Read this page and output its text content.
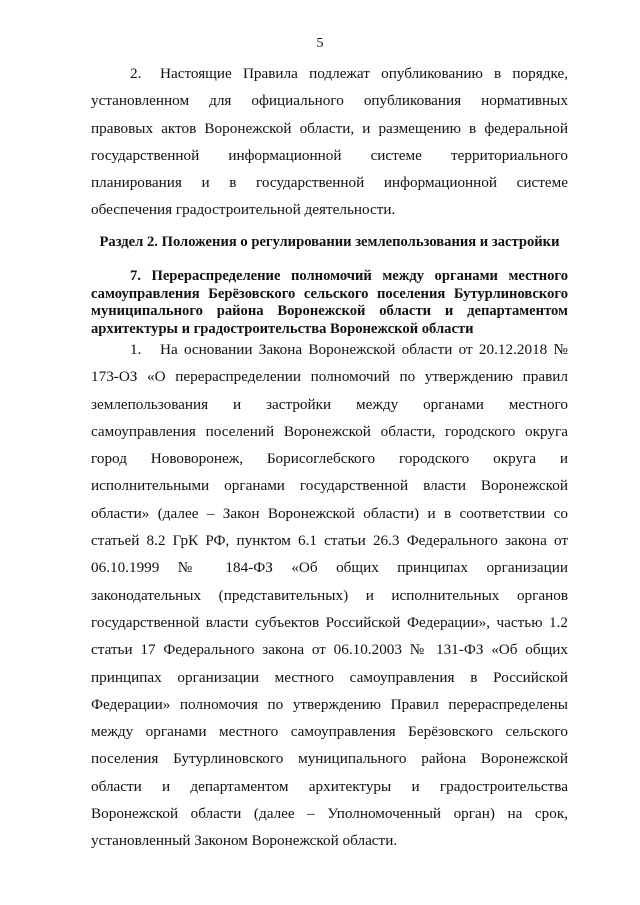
5

2. Настоящие Правила подлежат опубликованию в порядке, установленном для официального опубликования нормативных правовых актов Воронежской области, и размещению в федеральной государственной информационной системе территориального планирования и в государственной информационной системе обеспечения градостроительной деятельности.

Раздел 2. Положения о регулировании землепользования и застройки
7. Перераспределение полномочий между органами местного самоуправления Берёзовского сельского поселения Бутурлиновского муниципального района Воронежской области и департаментом архитектуры и градостроительства Воронежской области

1. На основании Закона Воронежской области от 20.12.2018 № 173-ОЗ «О перераспределении полномочий по утверждению правил землепользования и застройки между органами местного самоуправления поселений Воронежской области, городского округа город Нововоронеж, Борисоглебского городского округа и исполнительными органами государственной власти Воронежской области» (далее – Закон Воронежской области) и в соответствии со статьей 8.2 ГрК РФ, пунктом 6.1 статьи 26.3 Федерального закона от 06.10.1999 № 184-ФЗ «Об общих принципах организации законодательных (представительных) и исполнительных органов государственной власти субъектов Российской Федерации», частью 1.2 статьи 17 Федерального закона от 06.10.2003 № 131-ФЗ «Об общих принципах организации местного самоуправления в Российской Федерации» полномочия по утверждению Правил перераспределены между органами местного самоуправления Берёзовского сельского поселения Бутурлиновского муниципального района Воронежской области и департаментом архитектуры и градостроительства Воронежской области (далее – Уполномоченный орган) на срок, установленный Законом Воронежской области.
